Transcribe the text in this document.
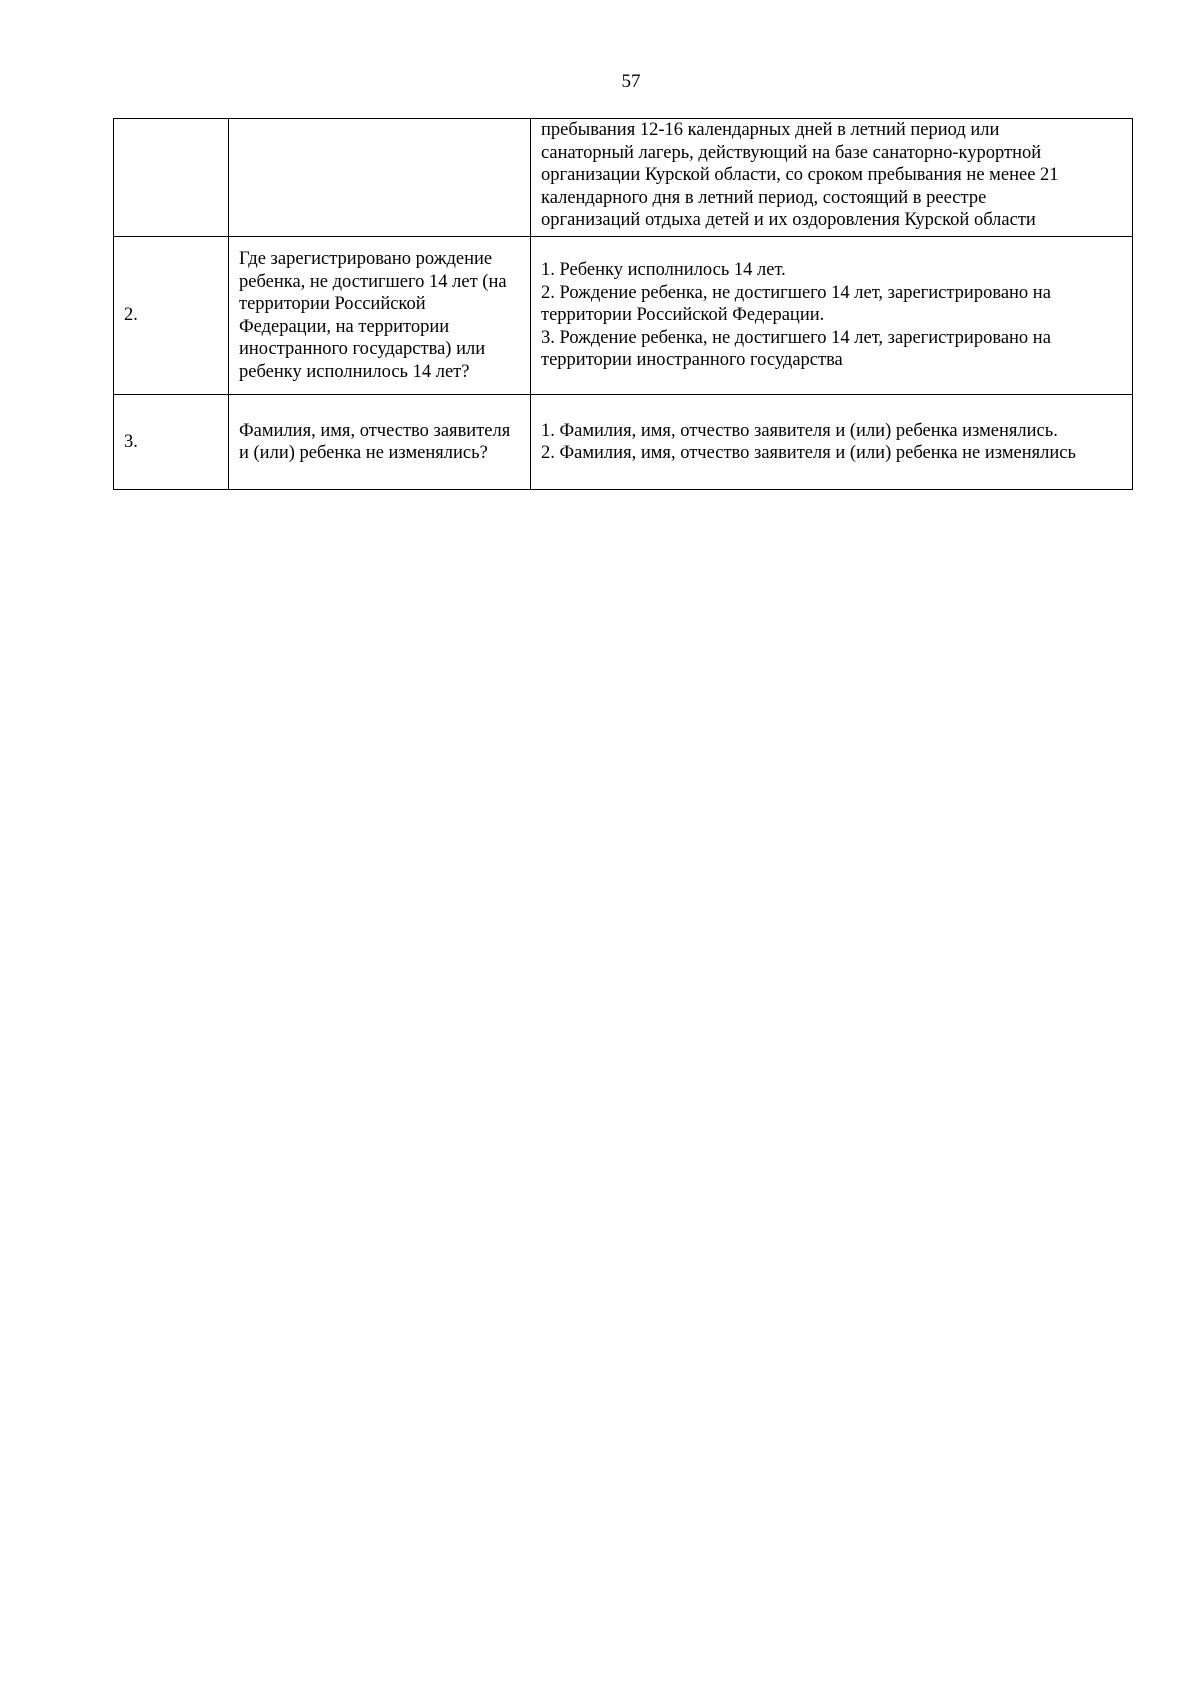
57

		пребывания 12-16 календарных дней в летний период или
санаторный лагерь, действующий на базе санаторно-курортной
организации Курской области, со сроком пребывания не менее 21
календарного дня в летний период, состоящий в реестре
организаций отдыха детей и их оздоровления Курской области

2.	Где зарегистрировано рождение ребенка, не достигшего 14 лет (на территории Российской Федерации, на территории иностранного государства) или ребенку исполнилось 14 лет?	1. Ребенку исполнилось 14 лет.
2. Рождение ребенка, не достигшего 14 лет, зарегистрировано на территории Российской Федерации.
3. Рождение ребенка, не достигшего 14 лет, зарегистрировано на территории иностранного государства

3.	Фамилия, имя, отчество заявителя и (или) ребенка не изменялись?	1. Фамилия, имя, отчество заявителя и (или) ребенка изменялись.
2. Фамилия, имя, отчество заявителя и (или) ребенка не изменялись
